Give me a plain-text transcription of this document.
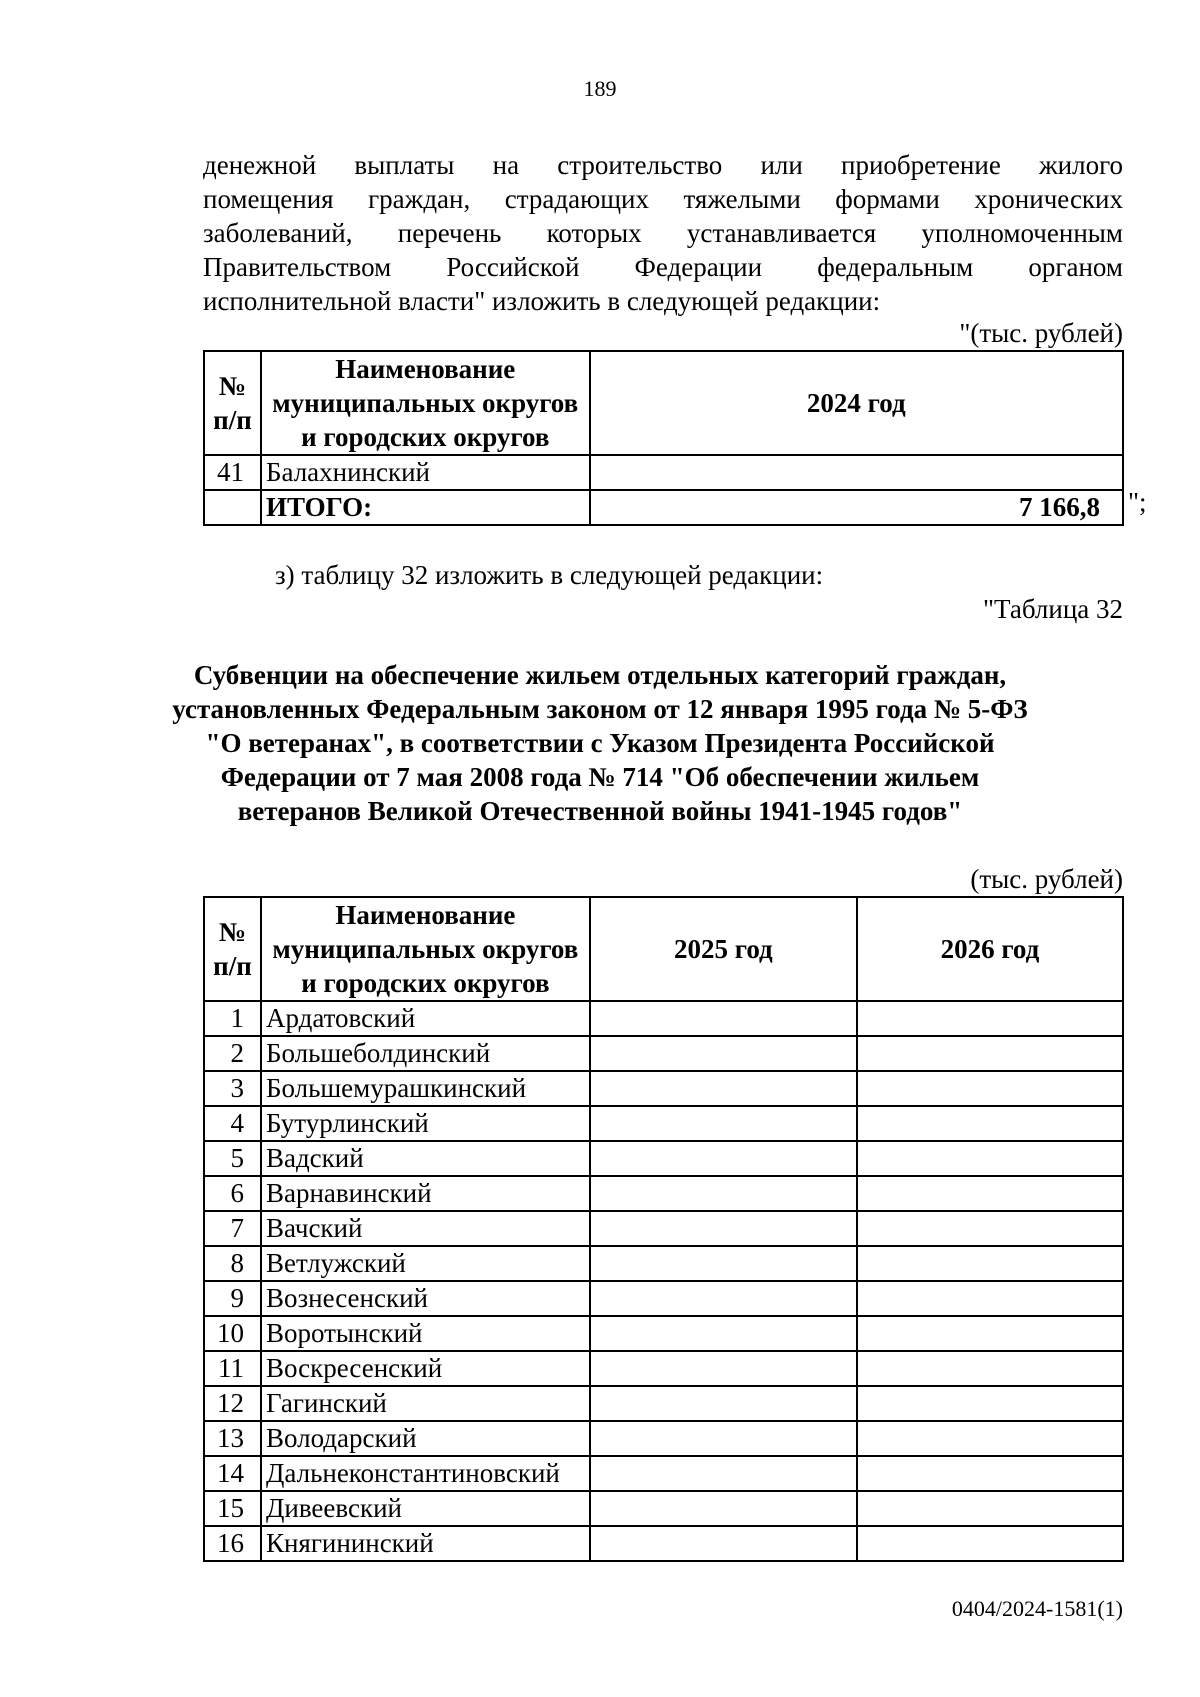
189
денежной выплаты на строительство или приобретение жилого
помещения граждан, страдающих тяжелыми формами хронических
заболеваний, перечень которых устанавливается уполномоченным
Правительством Российской Федерации федеральным органом
исполнительной власти" изложить в следующей редакции:
"(тыс. рублей)
№ п/п	Наименование муниципальных округов и городских округов	2024 год
41	Балахнинский	
	ИТОГО:	7 166,8 ";
з) таблицу 32 изложить в следующей редакции:
"Таблица 32
Субвенции на обеспечение жильем отдельных категорий граждан,
установленных Федеральным законом от 12 января 1995 года № 5-ФЗ
"О ветеранах", в соответствии с Указом Президента Российской
Федерации от 7 мая 2008 года № 714 "Об обеспечении жильем
ветеранов Великой Отечественной войны 1941-1945 годов"
(тыс. рублей)
№ п/п	Наименование муниципальных округов и городских округов	2025 год	2026 год
1	Ардатовский		
2	Большеболдинский		
3	Большемурашкинский		
4	Бутурлинский		
5	Вадский		
6	Варнавинский		
7	Вачский		
8	Ветлужский		
9	Вознесенский		
10	Воротынский		
11	Воскресенский		
12	Гагинский		
13	Володарский		
14	Дальнеконстантиновский		
15	Дивеевский		
16	Княгининский		
0404/2024-1581(1)
